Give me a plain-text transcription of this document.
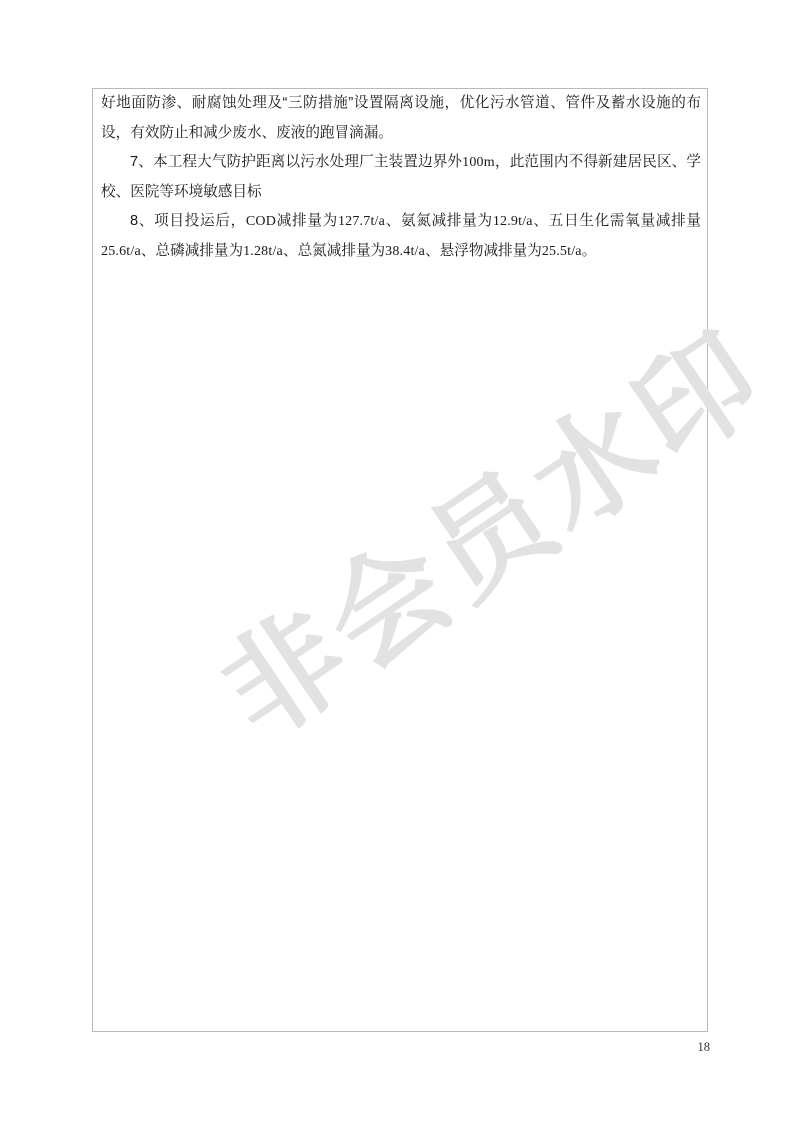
好地面防渗、耐腐蚀处理及“三防措施”设置隔离设施，优化污水管道、管件及蓄水设施的布设，有效防止和减少废水、废液的跑冒滴漏。
7、本工程大气防护距离以污水处理厂主装置边界外100m，此范围内不得新建居民区、学校、医院等环境敏感目标
8、项目投运后，COD减排量为127.7t/a、氨氮减排量为12.9t/a、五日生化需氧量减排量25.6t/a、总磷减排量为1.28t/a、总氮减排量为38.4t/a、悬浮物减排量为25.5t/a。
非会员水印
18
